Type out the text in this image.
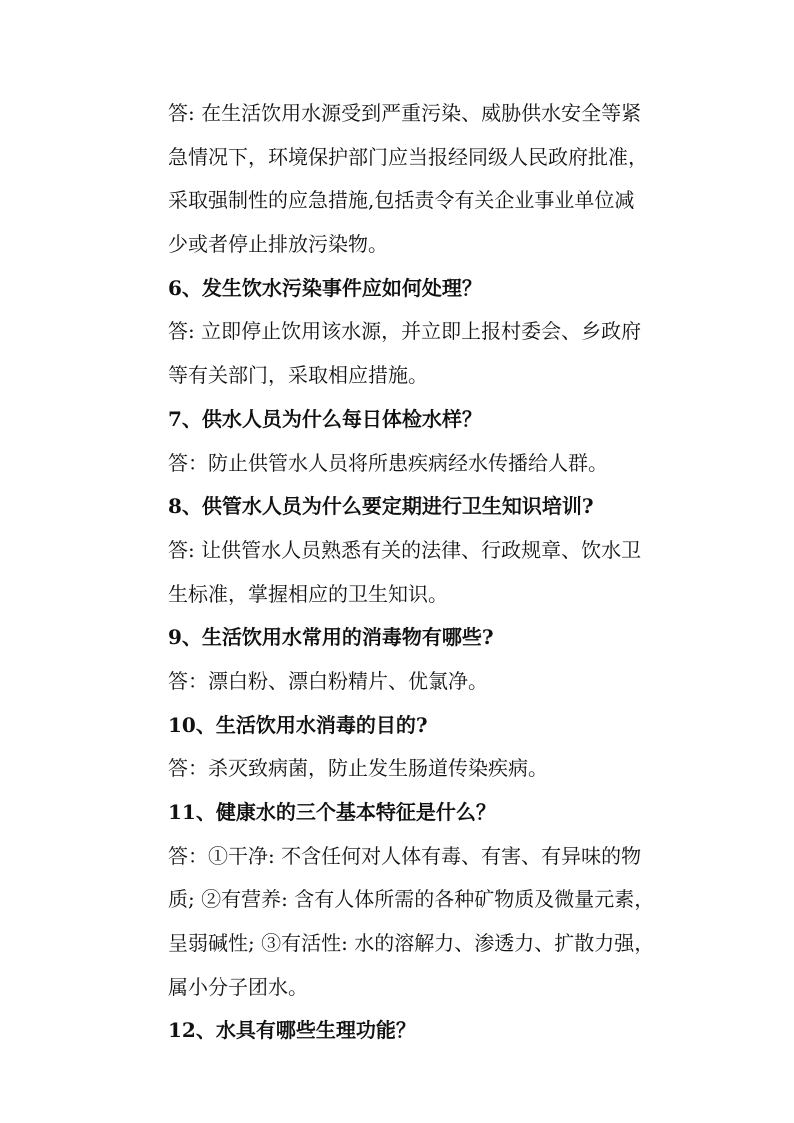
答: 在生活饮用水源受到严重污染、威胁供水安全等紧
急情况下，环境保护部门应当报经同级人民政府批准，
采取强制性的应急措施,包括责令有关企业事业单位减
少或者停止排放污染物。
6、发生饮水污染事件应如何处理？
答: 立即停止饮用该水源，并立即上报村委会、乡政府
等有关部门，采取相应措施。
7、供水人员为什么每日体检水样？
答：防止供管水人员将所患疾病经水传播给人群。
8、供管水人员为什么要定期进行卫生知识培训?
答: 让供管水人员熟悉有关的法律、行政规章、饮水卫
生标准，掌握相应的卫生知识。
9、生活饮用水常用的消毒物有哪些?
答：漂白粉、漂白粉精片、优氯净。
10、生活饮用水消毒的目的?
答：杀灭致病菌，防止发生肠道传染疾病。
11、健康水的三个基本特征是什么？
答：①干净: 不含任何对人体有毒、有害、有异味的物
质; ②有营养: 含有人体所需的各种矿物质及微量元素，
呈弱碱性; ③有活性: 水的溶解力、渗透力、扩散力强，
属小分子团水。
12、水具有哪些生理功能？
